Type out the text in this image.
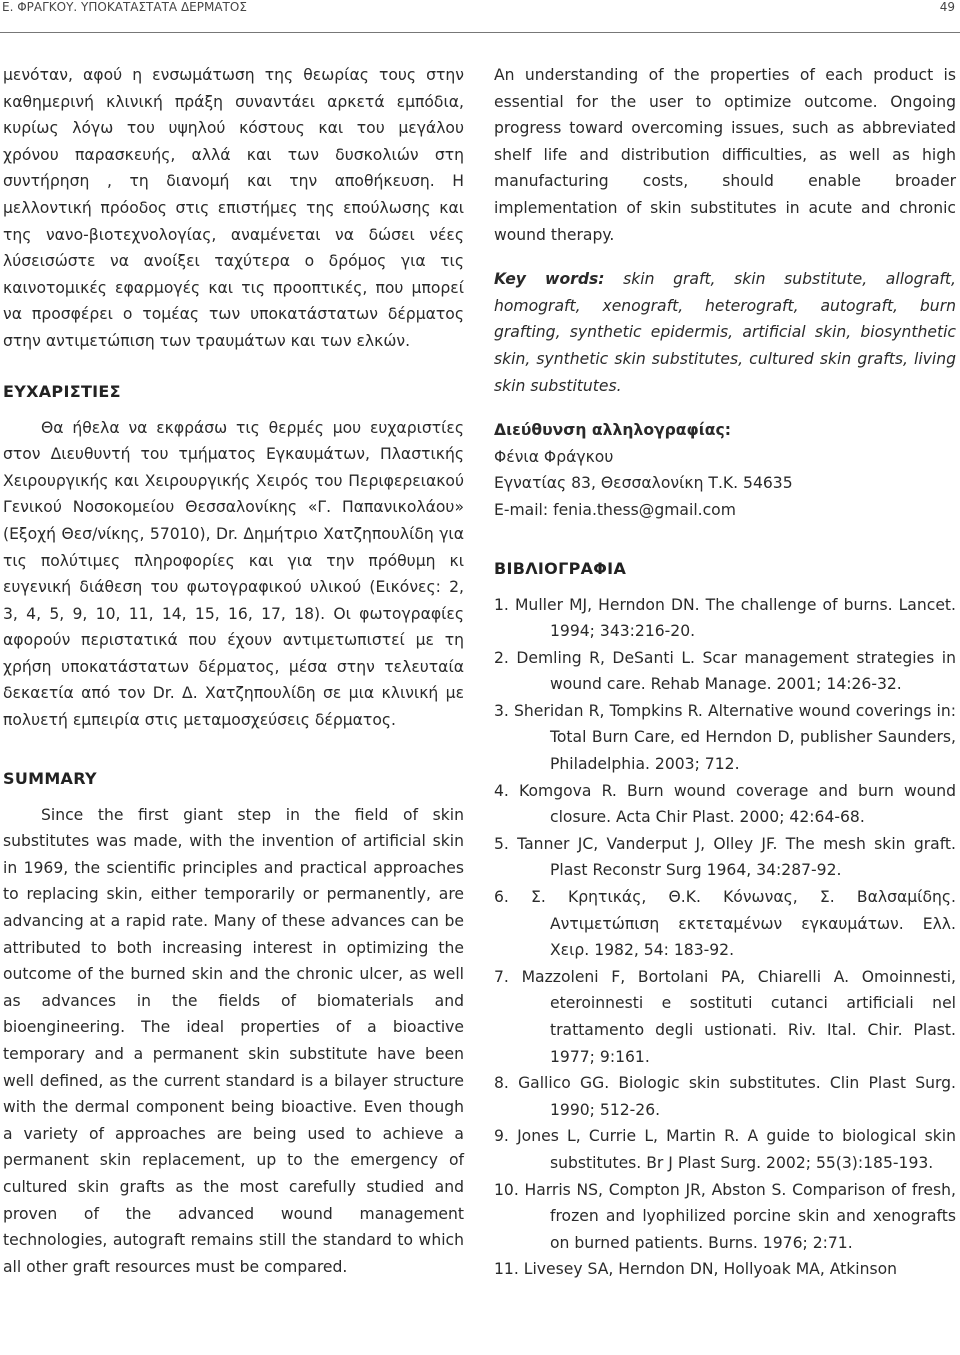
Ε. ΦΡΑΓΚΟΥ. ΥΠΟΚΑΤΑΣΤΑΤΑ ΔΕΡΜΑΤΟΣ	49

μενόταν, αφού η ενσωμάτωση της θεωρίας τους στην καθημερινή κλινική πράξη συναντάει αρκετά εμπόδια, κυρίως λόγω του υψηλού κόστους και του μεγάλου χρόνου παρασκευής, αλλά και των δυσκολιών στη συντήρηση , τη διανομή και την αποθήκευση. Η μελλοντική πρόοδος στις επιστήμες της επούλωσης και της νανο-βιοτεχνολογίας, αναμένεται να δώσει νέες λύσεισώστε να ανοίξει ταχύτερα ο δρόμος για τις καινοτομικές εφαρμογές και τις προοπτικές, που μπορεί να προσφέρει ο τομέας των υποκατάστατων δέρματος στην αντιμετώπιση των τραυμάτων και των ελκών.

ΕΥΧΑΡΙΣΤΙΕΣ

Θα ήθελα να εκφράσω τις θερμές μου ευχαριστίες στον Διευθυντή του τμήματος Εγκαυμάτων, Πλαστικής Χειρουργικής και Χειρουργικής Χειρός του Περιφερειακού Γενικού Νοσοκομείου Θεσσαλονίκης «Γ. Παπανικολάου» (Εξοχή Θεσ/νίκης, 57010), Dr. Δημήτριο Χατζηπουλίδη για τις πολύτιμες πληροφορίες και για την πρόθυμη κι ευγενική διάθεση του φωτογραφικού υλικού (Εικόνες: 2, 3, 4, 5, 9, 10, 11, 14, 15, 16, 17, 18). Οι φωτογραφίες αφορούν περιστατικά που έχουν αντιμετωπιστεί με τη χρήση υποκατάστατων δέρματος, μέσα στην τελευταία δεκαετία από τον Dr. Δ. Χατζηπουλίδη σε μια κλινική με πολυετή εμπειρία στις μεταμοσχεύσεις δέρματος.

SUMMARY

Since the first giant step in the field of skin substitutes was made, with the invention of artificial skin in 1969, the scientific principles and practical approaches to replacing skin, either temporarily or permanently, are advancing at a rapid rate. Many of these advances can be attributed to both increasing interest in optimizing the outcome of the burned skin and the chronic ulcer, as well as advances in the fields of biomaterials and bioengineering. The ideal properties of a bioactive temporary and a permanent skin substitute have been well defined, as the current standard is a bilayer structure with the dermal component being bioactive. Even though a variety of approaches are being used to achieve a permanent skin replacement, up to the emergency of cultured skin grafts as the most carefully studied and proven of the advanced wound management technologies, autograft remains still the standard to which all other graft resources must be compared.

An understanding of the properties of each product is essential for the user to optimize outcome. Ongoing progress toward overcoming issues, such as abbreviated shelf life and distribution difficulties, as well as high manufacturing costs, should enable broader implementation of skin substitutes in acute and chronic wound therapy.

Key words: skin graft, skin substitute, allograft, homograft, xenograft, heterograft, autograft, burn grafting, synthetic epidermis, artificial skin, biosynthetic skin, synthetic skin substitutes, cultured skin grafts, living skin substitutes.

Διεύθυνση αλληλογραφίας:
Φένια Φράγκου
Εγνατίας 83, Θεσσαλονίκη Τ.Κ. 54635
E-mail: fenia.thess@gmail.com
ΒΙΒΛΙΟΓΡΑΦΙΑ
1. Muller MJ, Herndon DN. The challenge of burns. Lancet. 1994; 343:216-20.
2. Demling R, DeSanti L. Scar management strategies in wound care. Rehab Manage. 2001; 14:26-32.
3. Sheridan R, Tompkins R. Alternative wound coverings in: Total Burn Care, ed Herndon D, publisher Saunders, Philadelphia. 2003; 712.
4. Komgova R. Burn wound coverage and burn wound closure. Acta Chir Plast. 2000; 42:64-68.
5. Tanner JC, Vanderput J, Olley JF. The mesh skin graft. Plast Reconstr Surg 1964, 34:287-92.
6. Σ. Κρητικάς, Θ.Κ. Κόνωνας, Σ. Βαλσαμίδης. Αντιμετώπιση εκτεταμένων εγκαυμάτων. Ελλ. Χειρ. 1982, 54: 183-92.
7. Mazzoleni F, Bortolani PA, Chiarelli A. Omoinnesti, eteroinnesti e sostituti cutanci artificiali nel trattamento degli ustionati. Riv. Ital. Chir. Plast. 1977; 9:161.
8. Gallico GG. Biologic skin substitutes. Clin Plast Surg. 1990; 512-26.
9. Jones L, Currie L, Martin R. A guide to biological skin substitutes. Br J Plast Surg. 2002; 55(3):185-193.
10. Harris NS, Compton JR, Abston S. Comparison of fresh, frozen and lyophilized porcine skin and xenografts on burned patients. Burns. 1976; 2:71.
11. Livesey SA, Herndon DN, Hollyoak MA, Atkinson
